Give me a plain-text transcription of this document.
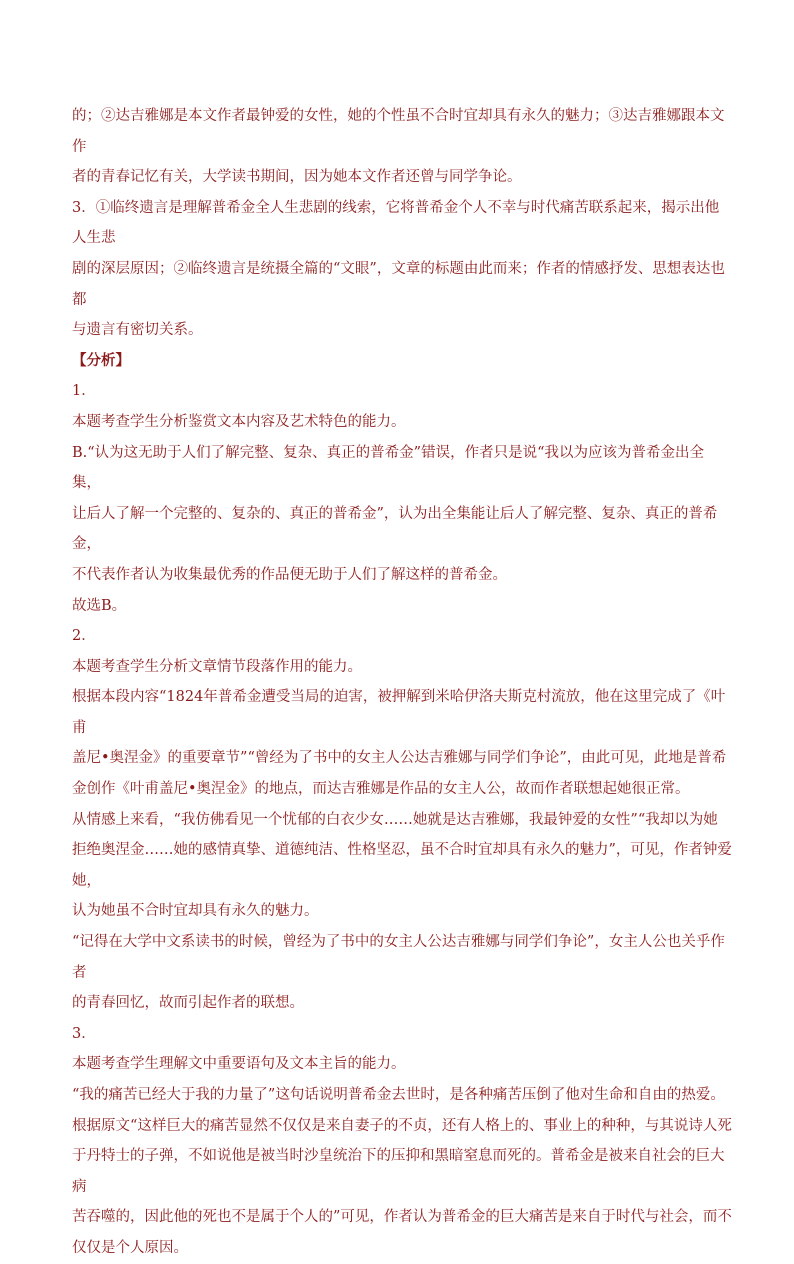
的；②达吉雅娜是本文作者最钟爱的女性，她的个性虽不合时宜却具有永久的魅力；③达吉雅娜跟本文作

者的青春记忆有关，大学读书期间，因为她本文作者还曾与同学争论。

3．①临终遗言是理解普希金全人生悲剧的线索，它将普希金个人不幸与时代痛苦联系起来，揭示出他人生悲

剧的深层原因；②临终遗言是统摄全篇的“文眼”，文章的标题由此而来；作者的情感抒发、思想表达也都

与遗言有密切关系。

【分析】

1．

本题考查学生分析鉴赏文本内容及艺术特色的能力。

B.“认为这无助于人们了解完整、复杂、真正的普希金”错误，作者只是说“我以为应该为普希金出全集，

让后人了解一个完整的、复杂的、真正的普希金”，认为出全集能让后人了解完整、复杂、真正的普希金，

不代表作者认为收集最优秀的作品便无助于人们了解这样的普希金。

故选B。

2．

本题考查学生分析文章情节段落作用的能力。

根据本段内容“1824年普希金遭受当局的迫害，被押解到米哈伊洛夫斯克村流放，他在这里完成了《叶甫

盖尼•奥涅金》的重要章节”“曾经为了书中的女主人公达吉雅娜与同学们争论”，由此可见，此地是普希

金创作《叶甫盖尼•奥涅金》的地点，而达吉雅娜是作品的女主人公，故而作者联想起她很正常。

从情感上来看，“我仿佛看见一个忧郁的白衣少女……她就是达吉雅娜，我最钟爱的女性”“我却以为她

拒绝奥涅金……她的感情真挚、道德纯洁、性格坚忍，虽不合时宜却具有永久的魅力”，可见，作者钟爱她，

认为她虽不合时宜却具有永久的魅力。

“记得在大学中文系读书的时候，曾经为了书中的女主人公达吉雅娜与同学们争论”，女主人公也关乎作者

的青春回忆，故而引起作者的联想。

3．

本题考查学生理解文中重要语句及文本主旨的能力。

“我的痛苦已经大于我的力量了”这句话说明普希金去世时，是各种痛苦压倒了他对生命和自由的热爱。

根据原文“这样巨大的痛苦显然不仅仅是来自妻子的不贞，还有人格上的、事业上的种种，与其说诗人死

于丹特士的子弹，不如说他是被当时沙皇统治下的压抑和黑暗窒息而死的。普希金是被来自社会的巨大病

苦吞噬的，因此他的死也不是属于个人的”可见，作者认为普希金的巨大痛苦是来自于时代与社会，而不

仅仅是个人原因。
